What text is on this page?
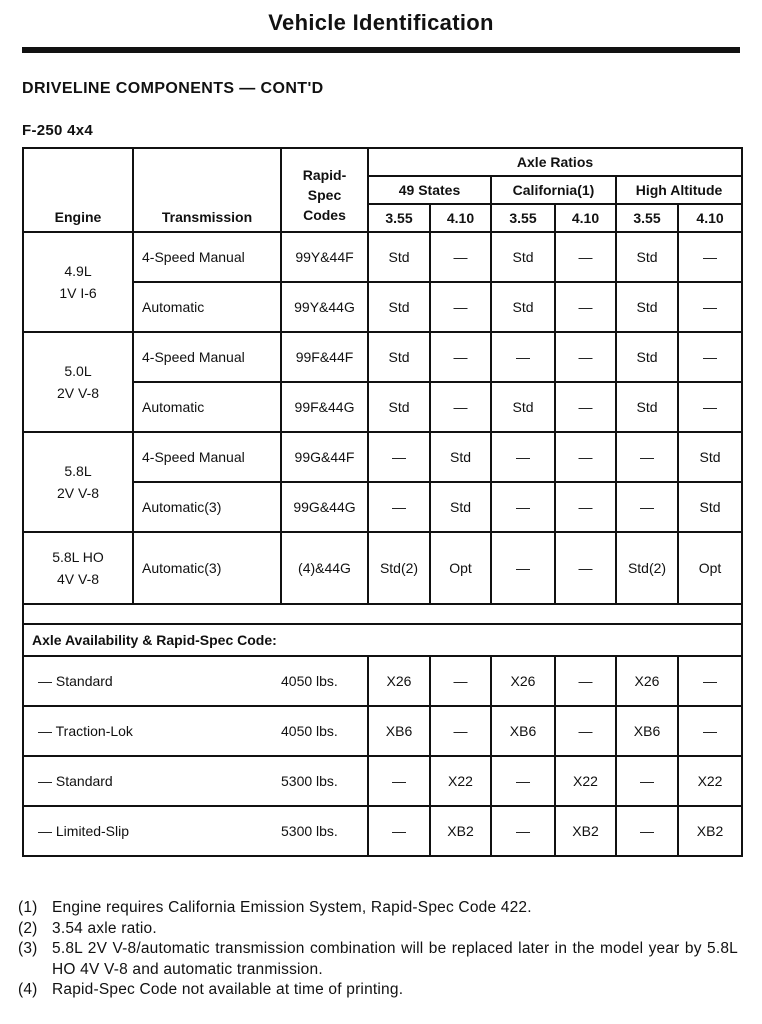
Vehicle Identification
DRIVELINE COMPONENTS — CONT'D
F-250 4x4
Engine	Transmission	Rapid-
Spec
Codes	Axle Ratios					
			49 States		California(1)		High Altitude	
			3.55	4.10	3.55	4.10	3.55	4.10
4.9L
1V I-6	4-Speed Manual	99Y&44F	Std	—	Std	—	Std	—
	Automatic	99Y&44G	Std	—	Std	—	Std	—
5.0L
2V V-8	4-Speed Manual	99F&44F	Std	—	—	—	Std	—
	Automatic	99F&44G	Std	—	Std	—	Std	—
5.8L
2V V-8	4-Speed Manual	99G&44F	—	Std	—	—	—	Std
	Automatic(3)	99G&44G	—	Std	—	—	—	Std
5.8L HO
4V V-8	Automatic(3)	(4)&44G	Std(2)	Opt	—	—	Std(2)	Opt

Axle Availability & Rapid-Spec Code:								
— Standard		4050 lbs.	X26	—	X26	—	X26	—
— Traction-Lok		4050 lbs.	XB6	—	XB6	—	XB6	—
— Standard		5300 lbs.	—	X22	—	X22	—	X22
— Limited-Slip		5300 lbs.	—	XB2	—	XB2	—	XB2
(1) Engine requires California Emission System, Rapid-Spec Code 422.
(2) 3.54 axle ratio.
(3) 5.8L 2V V-8/automatic transmission combination will be replaced later in the model year by 5.8L HO 4V V-8 and automatic tranmission.
(4) Rapid-Spec Code not available at time of printing.
